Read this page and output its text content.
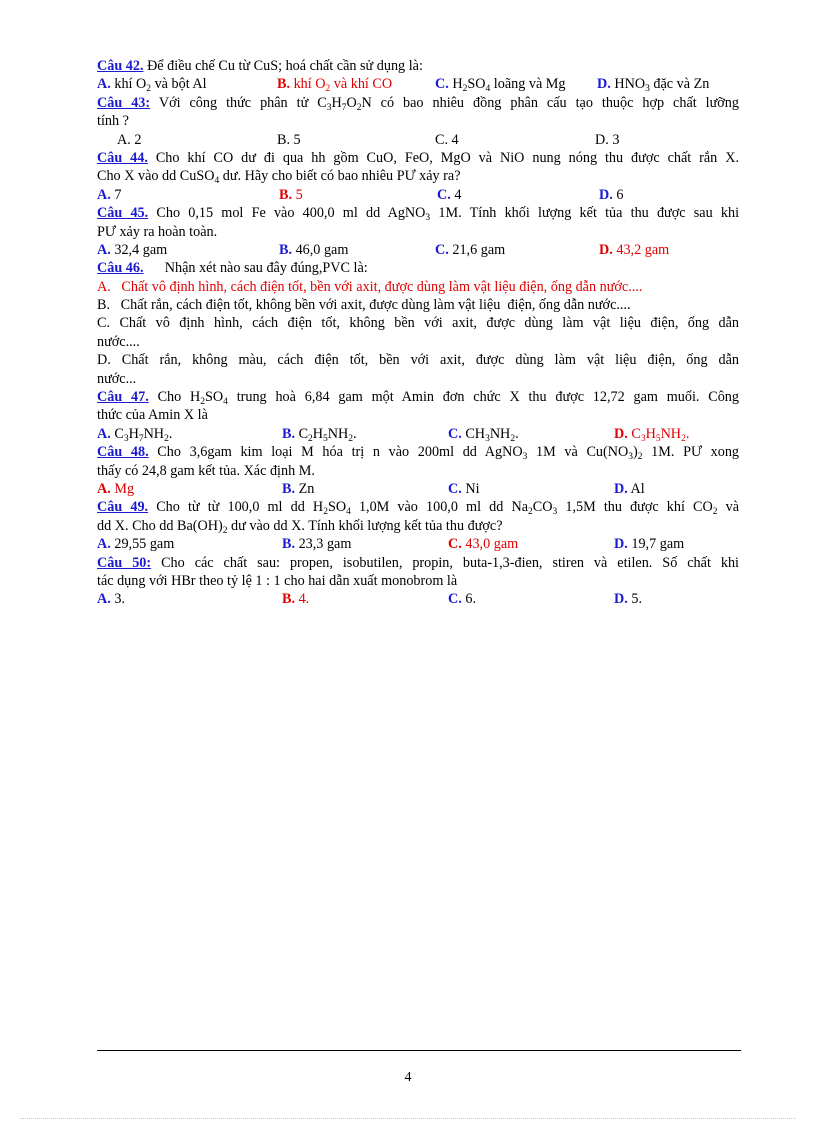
Câu 42. Để điều chế Cu từ CuS; hoá chất cần sử dụng là:
A. khí $O_2$ và bột Al	B. khí $O_2$ và khí CO	C. $H_2SO_4$ loãng và Mg	D. $HNO_3$ đặc và Zn
Câu 43: Với công thức phân tử $C_3H_7O_2N$ có bao nhiêu đồng phân cấu tạo thuộc hợp chất lưỡng
tính ?
A. 2	B. 5	C. 4	D. 3
Câu 44. Cho khí CO dư đi qua hh gồm CuO, FeO, MgO và NiO nung nóng thu được chất rắn X.
Cho X vào dd CuSO$_4$ dư. Hãy cho biết có bao nhiêu PƯ xảy ra?
A. 7	B. 5	C. 4	D. 6
Câu 45. Cho 0,15 mol Fe vào 400,0 ml dd AgNO$_3$ 1M. Tính khối lượng kết tủa thu được sau khi
PƯ xảy ra hoàn toàn.
A. 32,4 gam	B. 46,0 gam	C. 21,6 gam	D. 43,2 gam
Câu 46.      Nhận xét nào sau đây đúng,PVC là:
A.   Chất vô định hình, cách điện tốt, bền với axit, được dùng làm vật liệu điện, ống dẫn nước....
B.   Chất rắn, cách điện tốt, không bền với axit, được dùng làm vật liệu  điện, ống dẫn nước....
C. Chất vô định hình, cách điện tốt, không bền với axit, được dùng làm vật liệu điện, ống dẫn
nước....
D. Chất rắn, không màu, cách điện tốt, bền với axit, được dùng làm vật liệu điện, ống dẫn
nước...
Câu 47. Cho $H_2SO_4$ trung hoà 6,84 gam một Amin đơn chức X thu được 12,72 gam muối. Công
thức của Amin X là
A. $C_3H_7NH_2$.	B. $C_2H_5NH_2$.	C. $CH_3NH_2$.	D. $C_3H_5NH_2$.
Câu 48. Cho 3,6gam kim loại M hóa trị n vào 200ml dd AgNO$_3$ 1M và $Cu(NO_3)_2$ 1M. PƯ xong
thấy có 24,8 gam kết tủa. Xác định M.
A. Mg	B. Zn	C. Ni	D. Al
Câu 49. Cho từ từ 100,0 ml dd $H_2SO_4$ 1,0M vào 100,0 ml dd $Na_2CO_3$ 1,5M thu được khí $CO_2$ và
dd X. Cho dd $Ba(OH)_2$ dư vào dd X. Tính khối lượng kết tủa thu được?
A. 29,55 gam	B. 23,3 gam	C. 43,0 gam	D. 19,7 gam
Câu 50: Cho các chất sau: propen, isobutilen, propin, buta-1,3-đien, stiren và etilen. Số chất khi
tác dụng với HBr theo tỷ lệ 1 : 1 cho hai dẫn xuất monobrom là
A. 3.	B. 4.	C. 6.	D. 5.
4
